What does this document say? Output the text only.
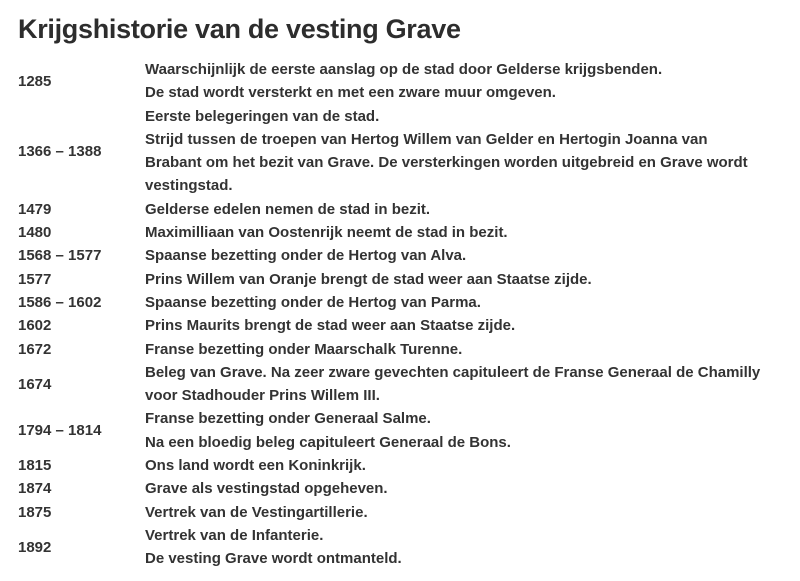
Krijgshistorie van de vesting Grave
1285	Waarschijnlijk de eerste aanslag op de stad door Gelderse krijgsbenden.
De stad wordt versterkt en met een zware muur omgeven.

1366 – 1388	Eerste belegeringen van de stad.
Strijd tussen de troepen van Hertog Willem van Gelder en Hertogin Joanna van
Brabant om het bezit van Grave. De versterkingen worden uitgebreid en Grave wordt
vestingstad.

1479	Gelderse edelen nemen de stad in bezit.

1480	Maximilliaan van Oostenrijk neemt de stad in bezit.

1568 – 1577	Spaanse bezetting onder de Hertog van Alva.

1577	Prins Willem van Oranje brengt de stad weer aan Staatse zijde.

1586 – 1602	Spaanse bezetting onder de Hertog van Parma.

1602	Prins Maurits brengt de stad weer aan Staatse zijde.

1672	Franse bezetting onder Maarschalk Turenne.

1674	Beleg van Grave. Na zeer zware gevechten capituleert de Franse Generaal de Chamilly
voor Stadhouder Prins Willem III.

1794 – 1814	Franse bezetting onder Generaal Salme.
Na een bloedig beleg capituleert Generaal de Bons.

1815	Ons land wordt een Koninkrijk.

1874	Grave als vestingstad opgeheven.

1875	Vertrek van de Vestingartillerie.

1892	Vertrek van de Infanterie.
De vesting Grave wordt ontmanteld.
